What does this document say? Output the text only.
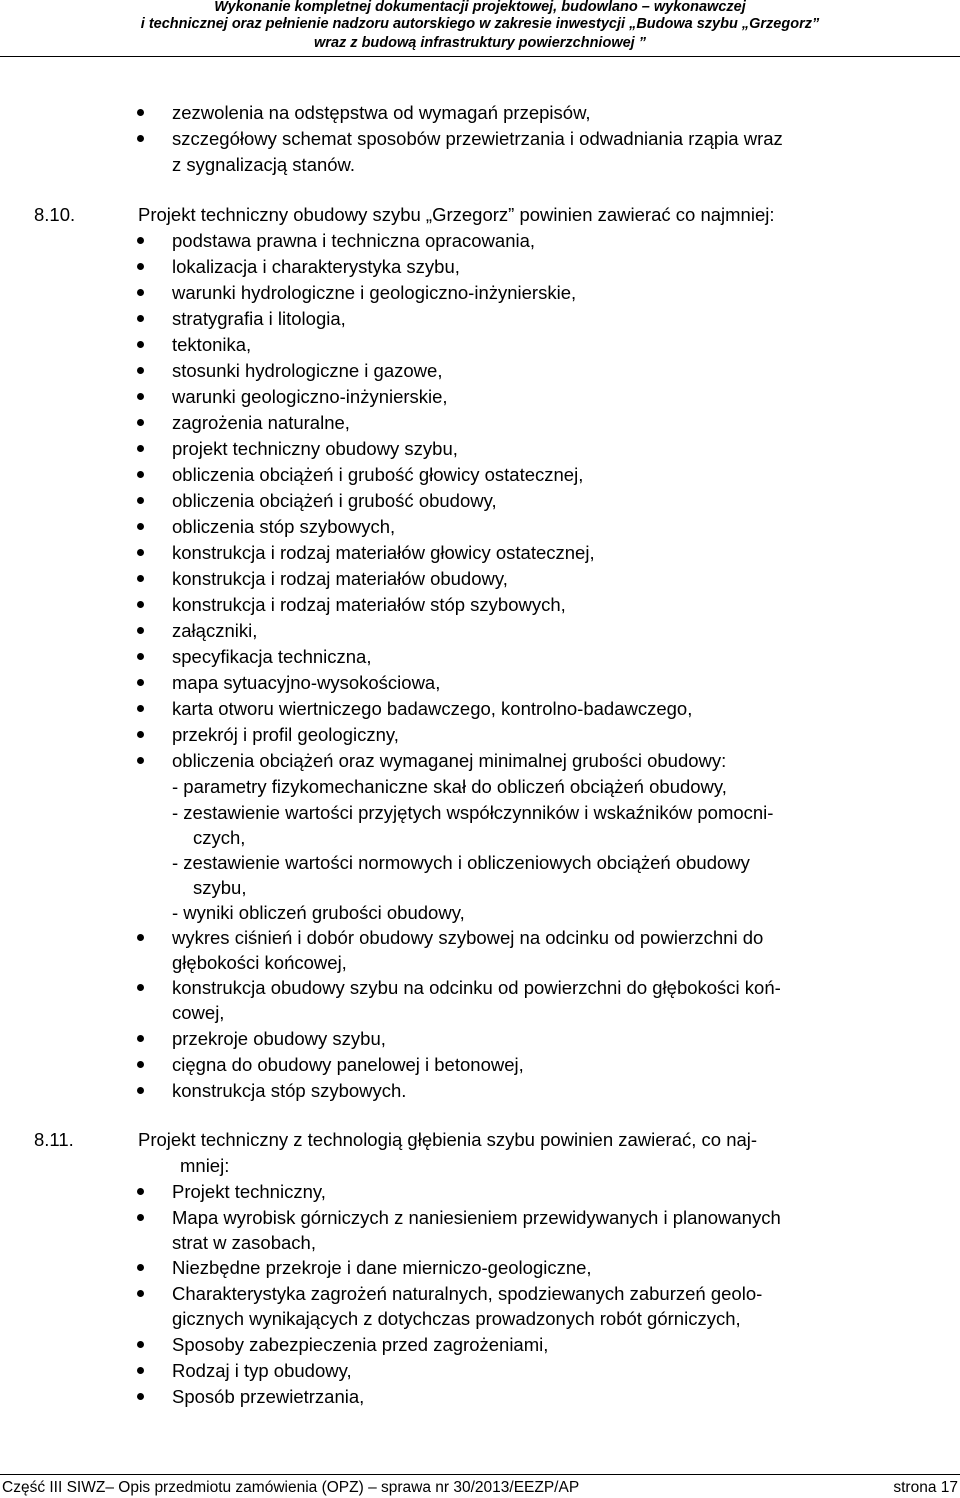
Wykonanie kompletnej dokumentacji projektowej, budowlano – wykonawczej
i technicznej oraz pełnienie nadzoru autorskiego w zakresie inwestycji „Budowa szybu „Grzegorz”
wraz z budową infrastruktury powierzchniowej ”
zezwolenia na odstępstwa od wymagań przepisów,
szczegółowy schemat sposobów przewietrzania i odwadniania rząpia wraz
z sygnalizacją stanów.
8.10.	Projekt techniczny obudowy szybu „Grzegorz” powinien zawierać co najmniej:
podstawa prawna i techniczna opracowania,
lokalizacja i charakterystyka szybu,
warunki hydrologiczne i geologiczno-inżynierskie,
stratygrafia i litologia,
tektonika,
stosunki hydrologiczne i gazowe,
warunki geologiczno-inżynierskie,
zagrożenia naturalne,
projekt techniczny obudowy szybu,
obliczenia obciążeń i grubość głowicy ostatecznej,
obliczenia obciążeń i grubość obudowy,
obliczenia stóp szybowych,
konstrukcja i rodzaj materiałów głowicy ostatecznej,
konstrukcja i rodzaj materiałów obudowy,
konstrukcja i rodzaj materiałów stóp szybowych,
załączniki,
specyfikacja techniczna,
mapa sytuacyjno-wysokościowa,
karta otworu wiertniczego badawczego, kontrolno-badawczego,
przekrój i profil geologiczny,
obliczenia obciążeń oraz wymaganej minimalnej grubości obudowy:
- parametry fizykomechaniczne skał do obliczeń obciążeń obudowy,
- zestawienie wartości przyjętych współczynników i wskaźników pomocni-
czych,
- zestawienie wartości normowych i obliczeniowych obciążeń obudowy
szybu,
- wyniki obliczeń grubości obudowy,
wykres ciśnień i dobór obudowy szybowej na odcinku od powierzchni do
głębokości końcowej,
konstrukcja obudowy szybu na odcinku od powierzchni do głębokości koń-
cowej,
przekroje obudowy szybu,
cięgna do obudowy panelowej i betonowej,
konstrukcja stóp szybowych.
8.11.	Projekt techniczny z technologią głębienia szybu powinien zawierać, co naj-
mniej:
Projekt techniczny,
Mapa wyrobisk górniczych z naniesieniem przewidywanych i planowanych
strat w zasobach,
Niezbędne przekroje i dane mierniczo-geologiczne,
Charakterystyka zagrożeń naturalnych, spodziewanych zaburzeń geolo-
gicznych wynikających z dotychczas prowadzonych robót górniczych,
Sposoby zabezpieczenia przed zagrożeniami,
Rodzaj i typ obudowy,
Sposób przewietrzania,
Część III SIWZ– Opis przedmiotu zamówienia (OPZ) – sprawa nr 30/2013/EEZP/AP	strona 17
